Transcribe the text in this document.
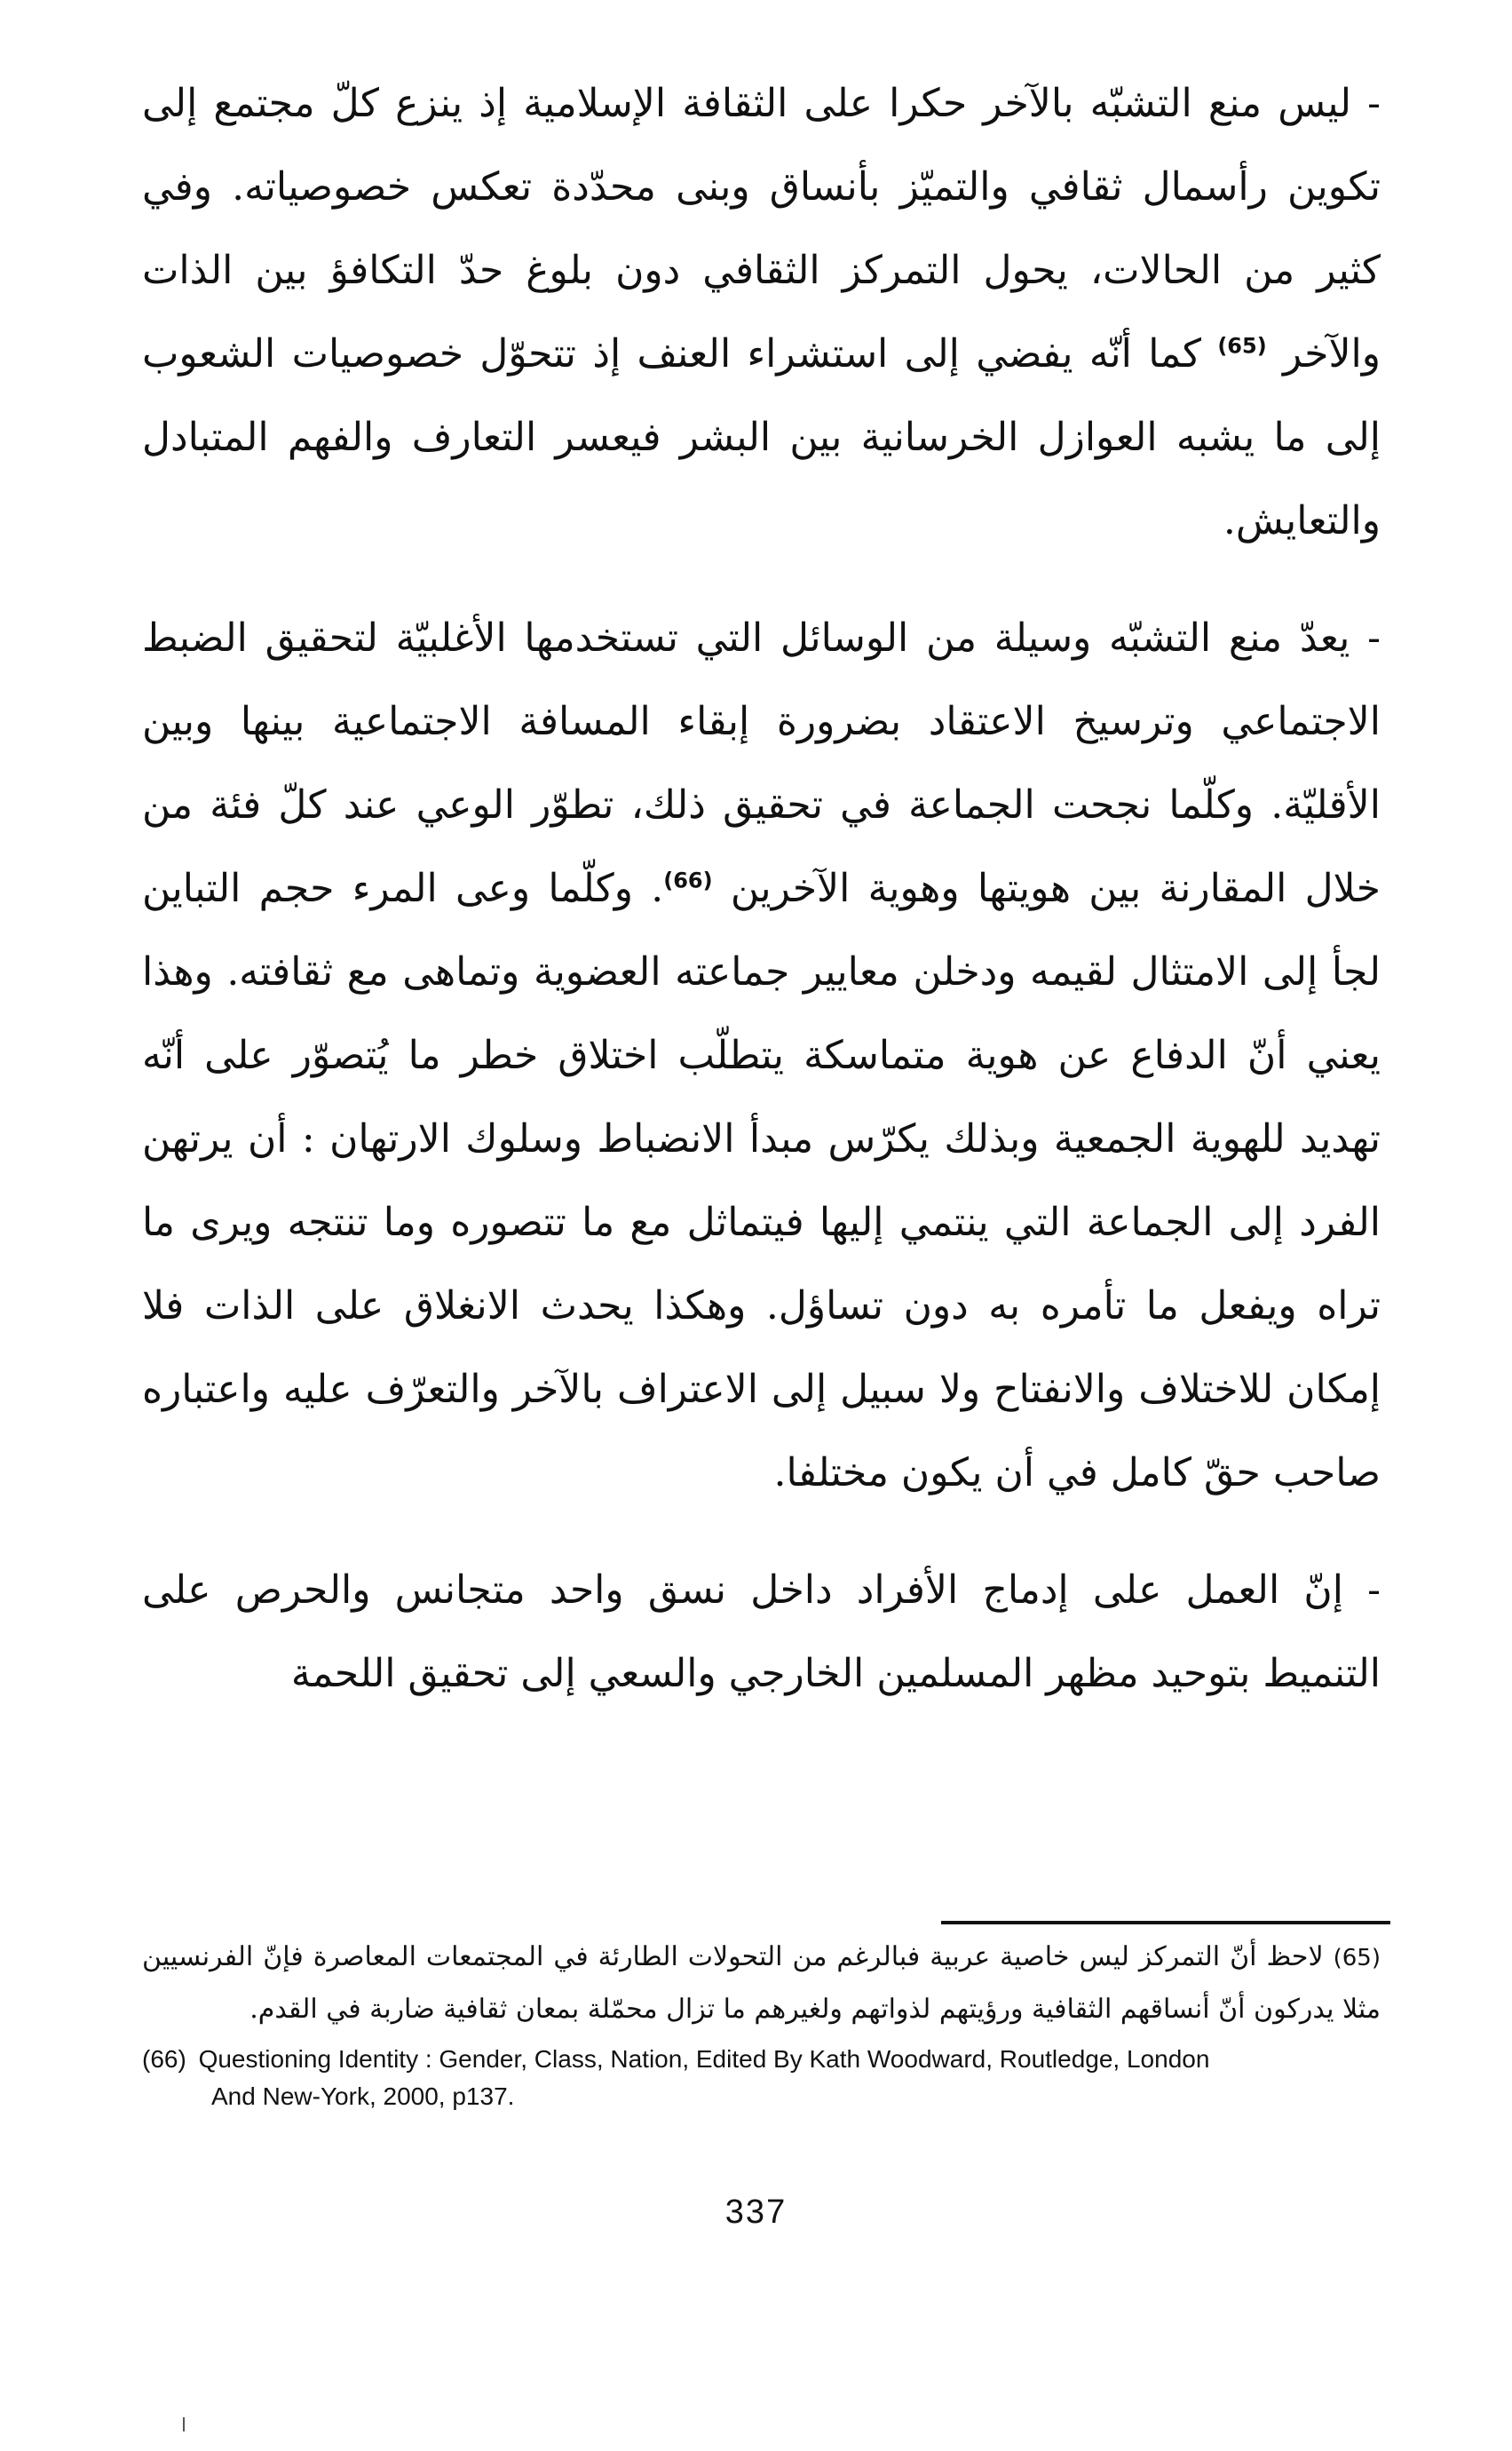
- ليس منع التشبّه بالآخر حكرا على الثقافة الإسلامية إذ ينزع كلّ مجتمع إلى تكوين رأسمال ثقافي والتميّز بأنساق وبنى محدّدة تعكس خصوصياته. وفي كثير من الحالات، يحول التمركز الثقافي دون بلوغ حدّ التكافؤ بين الذات والآخر $^{(65)}$ كما أنّه يفضي إلى استشراء العنف إذ تتحوّل خصوصيات الشعوب إلى ما يشبه العوازل الخرسانية بين البشر فيعسر التعارف والفهم المتبادل والتعايش.

- يعدّ منع التشبّه وسيلة من الوسائل التي تستخدمها الأغلبيّة لتحقيق الضبط الاجتماعي وترسيخ الاعتقاد بضرورة إبقاء المسافة الاجتماعية بينها وبين الأقليّة. وكلّما نجحت الجماعة في تحقيق ذلك، تطوّر الوعي عند كلّ فئة من خلال المقارنة بين هويتها وهوية الآخرين $^{(66)}$. وكلّما وعى المرء حجم التباين لجأ إلى الامتثال لقيمه ودخلن معايير جماعته العضوية وتماهى مع ثقافته. وهذا يعني أنّ الدفاع عن هوية متماسكة يتطلّب اختلاق خطر ما يُتصوّر على أنّه تهديد للهوية الجمعية وبذلك يكرّس مبدأ الانضباط وسلوك الارتهان : أن يرتهن الفرد إلى الجماعة التي ينتمي إليها فيتماثل مع ما تتصوره وما تنتجه ويرى ما تراه ويفعل ما تأمره به دون تساؤل. وهكذا يحدث الانغلاق على الذات فلا إمكان للاختلاف والانفتاح ولا سبيل إلى الاعتراف بالآخر والتعرّف عليه واعتباره صاحب حقّ كامل في أن يكون مختلفا.

- إنّ العمل على إدماج الأفراد داخل نسق واحد متجانس والحرص على التنميط بتوحيد مظهر المسلمين الخارجي والسعي إلى تحقيق اللحمة

(65) لاحظ أنّ التمركز ليس خاصية عربية فبالرغم من التحولات الطارئة في المجتمعات المعاصرة فإنّ الفرنسيين مثلا يدركون أنّ أنساقهم الثقافية ورؤيتهم لذواتهم ولغيرهم ما تزال محمّلة بمعان ثقافية ضاربة في القدم.

(66) Questioning Identity : Gender, Class, Nation, Edited By Kath Woodward, Routledge, London
And New-York, 2000, p137.

337
